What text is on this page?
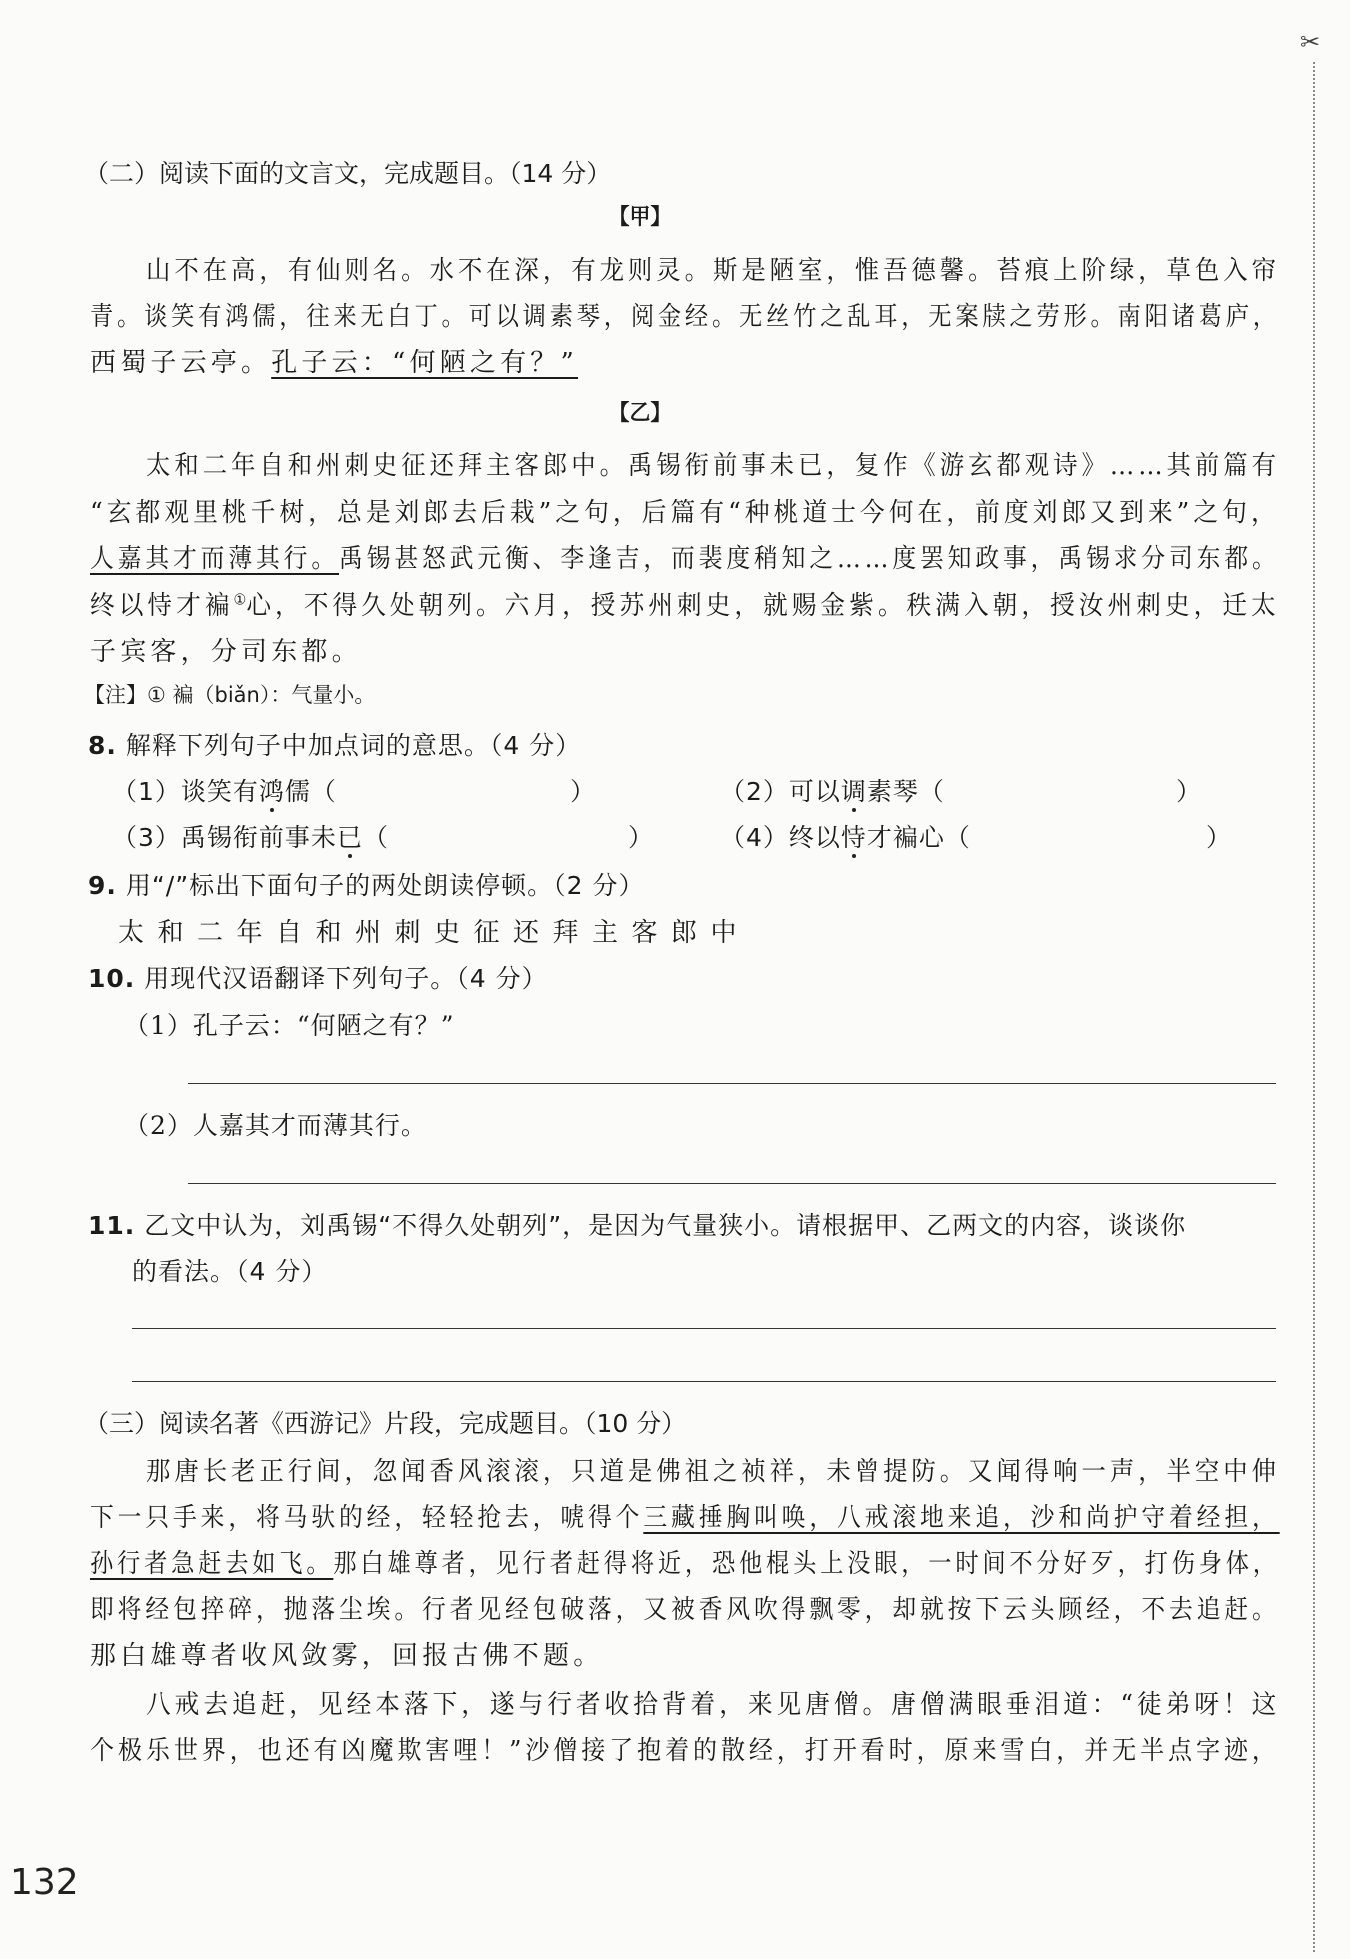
✂
（二）阅读下面的文言文，完成题目。（14 分）
【甲】
山不在高，有仙则名。水不在深，有龙则灵。斯是陋室，惟吾德馨。苔痕上阶绿，草色入帘
青。谈笑有鸿儒，往来无白丁。可以调素琴，阅金经。无丝竹之乱耳，无案牍之劳形。南阳诸葛庐，
西蜀子云亭。孔子云：“何陋之有？”
【乙】
太和二年自和州刺史征还拜主客郎中。禹锡衔前事未已，复作《游玄都观诗》……其前篇有
“玄都观里桃千树，总是刘郎去后栽”之句，后篇有“种桃道士今何在，前度刘郎又到来”之句，
人嘉其才而薄其行。禹锡甚怒武元衡、李逢吉，而裴度稍知之……度罢知政事，禹锡求分司东都。
终以恃才褊①心，不得久处朝列。六月，授苏州刺史，就赐金紫。秩满入朝，授汝州刺史，迁太
子宾客，分司东都。
【注】① 褊（biǎn）：气量小。
8. 解释下列句子中加点词的意思。（4 分）
（1）谈笑有鸿儒（	）	（2）可以调素琴（	）
（3）禹锡衔前事未已（	）	（4）终以恃才褊心（	）
9. 用“/”标出下面句子的两处朗读停顿。（2 分）
太和二年自和州刺史征还拜主客郎中
10. 用现代汉语翻译下列句子。（4 分）
（1）孔子云：“何陋之有？”
（2）人嘉其才而薄其行。
11. 乙文中认为，刘禹锡“不得久处朝列”，是因为气量狭小。请根据甲、乙两文的内容，谈谈你
的看法。（4 分）
（三）阅读名著《西游记》片段，完成题目。（10 分）
那唐长老正行间，忽闻香风滚滚，只道是佛祖之祯祥，未曾提防。又闻得响一声，半空中伸
下一只手来，将马驮的经，轻轻抢去，唬得个三藏捶胸叫唤，八戒滚地来追，沙和尚护守着经担，
孙行者急赶去如飞。那白雄尊者，见行者赶得将近，恐他棍头上没眼，一时间不分好歹，打伤身体，
即将经包捽碎，抛落尘埃。行者见经包破落，又被香风吹得飘零，却就按下云头顾经，不去追赶。
那白雄尊者收风敛雾，回报古佛不题。
八戒去追赶，见经本落下，遂与行者收拾背着，来见唐僧。唐僧满眼垂泪道：“徒弟呀！这
个极乐世界，也还有凶魔欺害哩！”沙僧接了抱着的散经，打开看时，原来雪白，并无半点字迹，
132
